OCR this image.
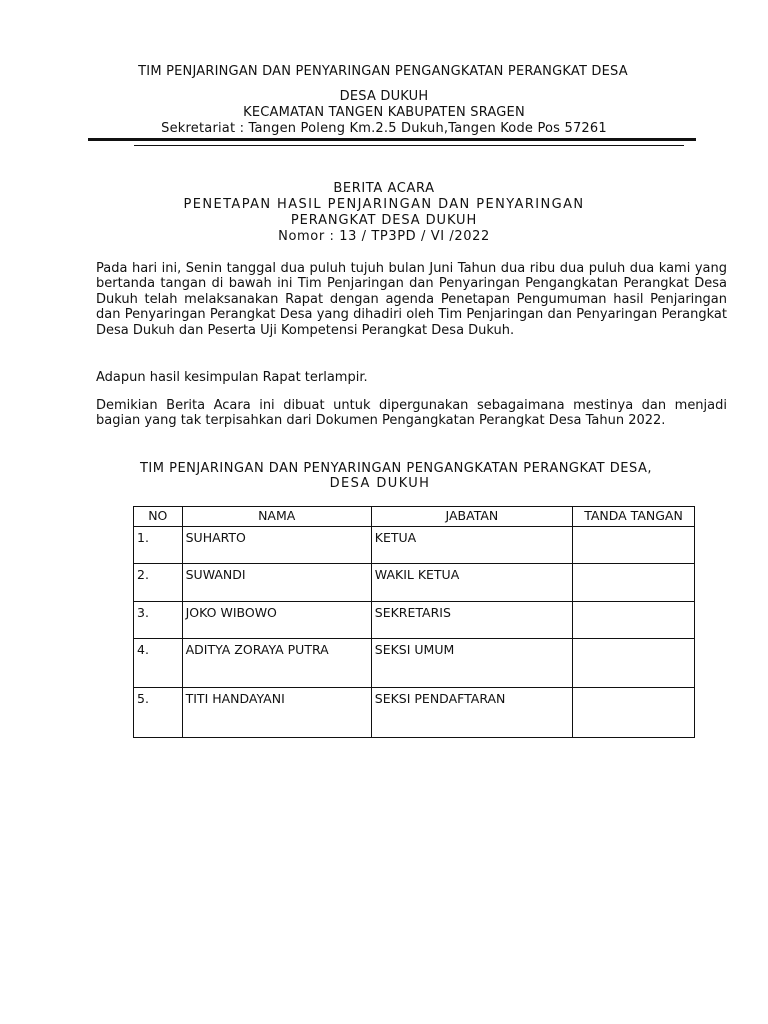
TIM PENJARINGAN DAN PENYARINGAN PENGANGKATAN PERANGKAT DESA
DESA DUKUH
KECAMATAN TANGEN KABUPATEN SRAGEN
Sekretariat : Tangen Poleng Km.2.5 Dukuh,Tangen Kode Pos 57261
BERITA ACARA
PENETAPAN HASIL PENJARINGAN DAN PENYARINGAN
PERANGKAT DESA DUKUH
Nomor : 13 / TP3PD / VI /2022
Pada hari ini, Senin tanggal dua puluh tujuh bulan Juni Tahun dua ribu dua puluh dua kami yang bertanda tangan di bawah ini Tim Penjaringan dan Penyaringan Pengangkatan Perangkat Desa Dukuh telah melaksanakan Rapat dengan agenda Penetapan Pengumuman hasil Penjaringan dan Penyaringan Perangkat Desa yang dihadiri oleh Tim Penjaringan dan Penyaringan Perangkat Desa Dukuh dan Peserta Uji Kompetensi Perangkat Desa Dukuh.
Adapun hasil kesimpulan Rapat terlampir.
Demikian Berita Acara ini dibuat untuk dipergunakan sebagaimana mestinya dan menjadi bagian yang tak terpisahkan dari Dokumen Pengangkatan Perangkat Desa Tahun 2022.
TIM PENJARINGAN DAN PENYARINGAN PENGANGKATAN PERANGKAT DESA,
DESA DUKUH
NO	NAMA	JABATAN	TANDA TANGAN
1.	SUHARTO	KETUA	
2.	SUWANDI	WAKIL KETUA	
3.	JOKO WIBOWO	SEKRETARIS	
4.	ADITYA ZORAYA PUTRA	SEKSI UMUM	
5.	TITI HANDAYANI	SEKSI PENDAFTARAN	
